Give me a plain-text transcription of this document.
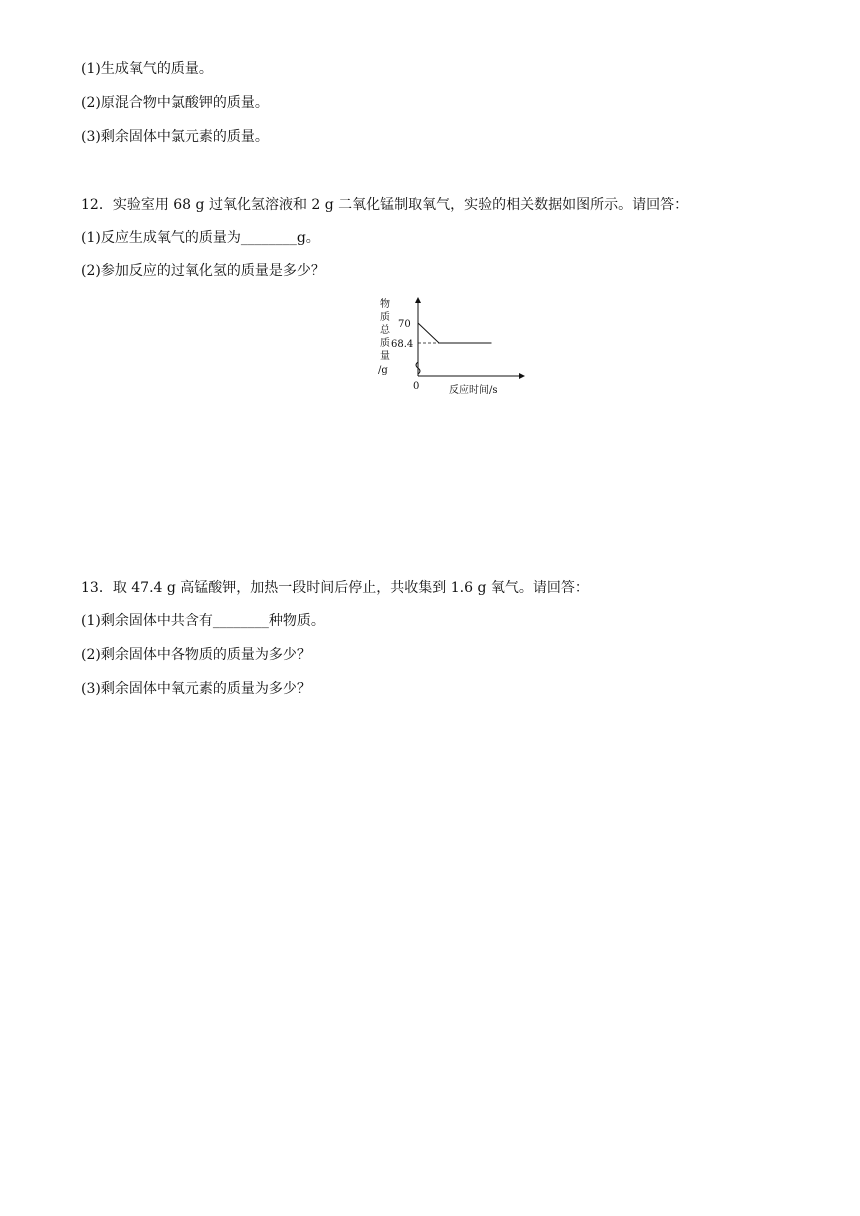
(1)生成氧气的质量。
(2)原混合物中氯酸钾的质量。
(3)剩余固体中氯元素的质量。
12．实验室用 68 g 过氧化氢溶液和 2 g 二氧化锰制取氧气，实验的相关数据如图所示。请回答：
(1)反应生成氧气的质量为________g。
(2)参加反应的过氧化氢的质量是多少？
物
质
总
质
量
/g
70
68.4
0	反应时间/s
13．取 47.4 g 高锰酸钾，加热一段时间后停止，共收集到 1.6 g 氧气。请回答：
(1)剩余固体中共含有________种物质。
(2)剩余固体中各物质的质量为多少？
(3)剩余固体中氧元素的质量为多少？
